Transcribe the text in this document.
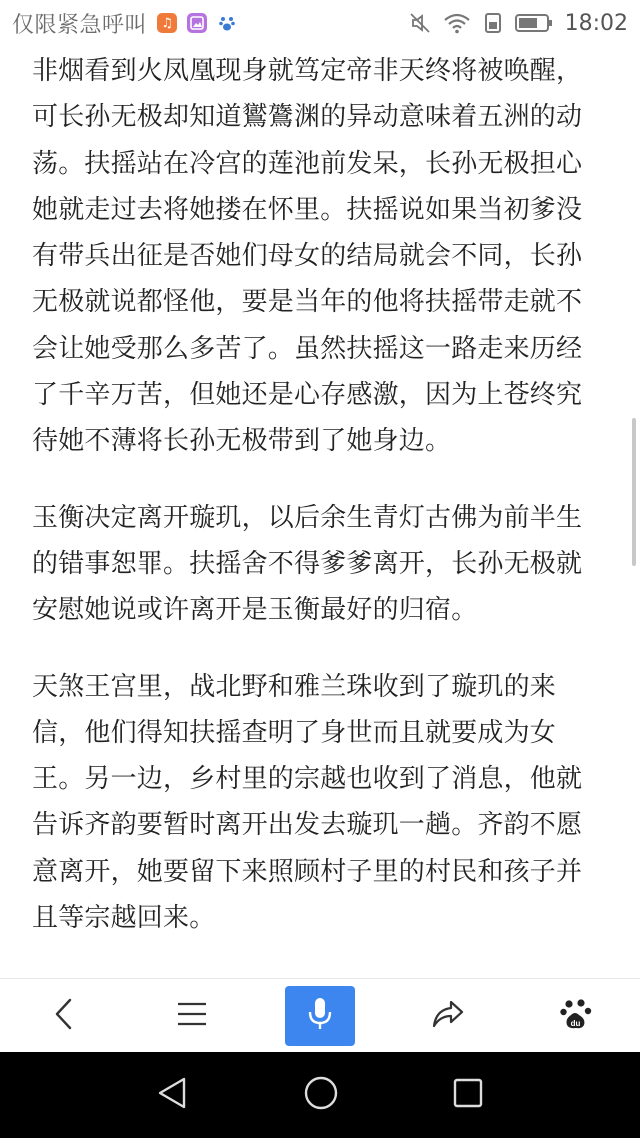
仅限紧急呼叫	♫	18:02

非烟看到火凤凰现身就笃定帝非天终将被唤醒，可长孙无极却知道鸑鷟渊的异动意味着五洲的动荡。扶摇站在冷宫的莲池前发呆，长孙无极担心她就走过去将她搂在怀里。扶摇说如果当初爹没有带兵出征是否她们母女的结局就会不同，长孙无极就说都怪他，要是当年的他将扶摇带走就不会让她受那么多苦了。虽然扶摇这一路走来历经了千辛万苦，但她还是心存感激，因为上苍终究待她不薄将长孙无极带到了她身边。

玉衡决定离开璇玑，以后余生青灯古佛为前半生的错事恕罪。扶摇舍不得爹爹离开，长孙无极就安慰她说或许离开是玉衡最好的归宿。

天煞王宫里，战北野和雅兰珠收到了璇玑的来信，他们得知扶摇查明了身世而且就要成为女王。另一边，乡村里的宗越也收到了消息，他就告诉齐韵要暂时离开出发去璇玑一趟。齐韵不愿意离开，她要留下来照顾村子里的村民和孩子并且等宗越回来。

du
